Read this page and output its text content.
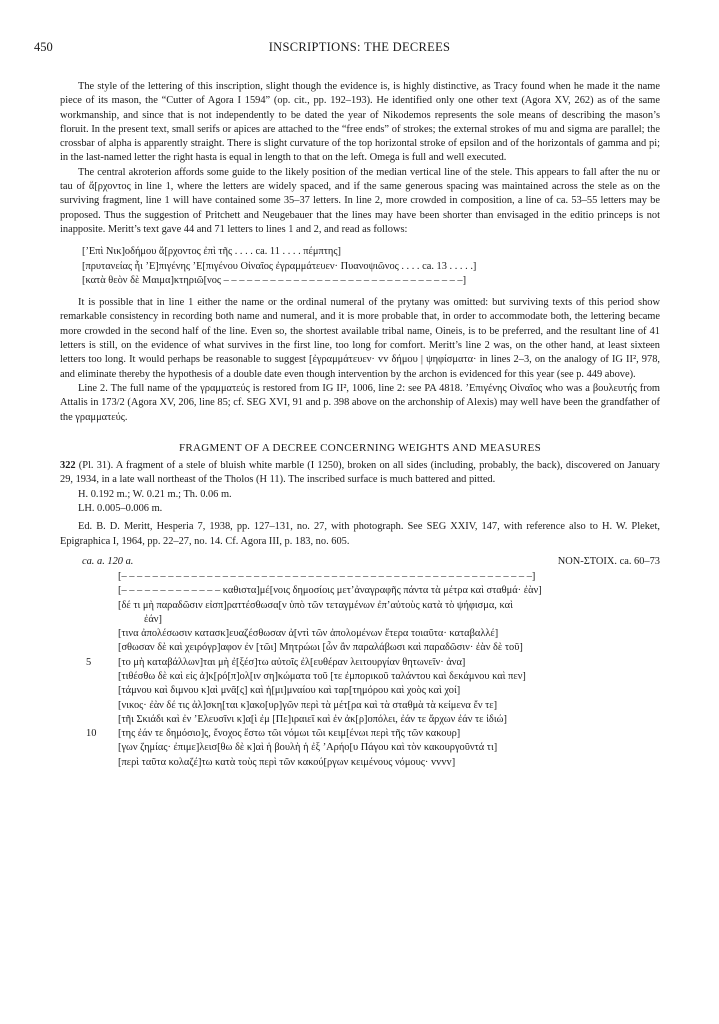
450	INSCRIPTIONS: THE DECREES

The style of the lettering of this inscription, slight though the evidence is, is highly distinctive, as Tracy found when he made it the name piece of its mason, the “Cutter of Agora I 1594” (op. cit., pp. 192–193). He identified only one other text (Agora XV, 262) as of the same workmanship, and since that is not independently to be dated the year of Nikodemos represents the sole means of describing the mason’s floruit. In the present text, small serifs or apices are attached to the “free ends” of strokes; the external strokes of mu and sigma are parallel; the crossbar of alpha is apparently straight. There is slight curvature of the top horizontal stroke of epsilon and of the horizontals of gamma and pi; in the last-named letter the right hasta is equal in length to that on the left. Omega is full and well executed.

The central akroterion affords some guide to the likely position of the median vertical line of the stele. This appears to fall after the nu or tau of ἄ[ρχοντος in line 1, where the letters are widely spaced, and if the same generous spacing was maintained across the stele as on the surviving fragment, line 1 will have contained some 35–37 letters. In line 2, more crowded in composition, a line of ca. 53–55 letters may be proposed. Thus the suggestion of Pritchett and Neugebauer that the lines may have been shorter than envisaged in the editio princeps is not inapposite. Meritt’s text gave 44 and 71 letters to lines 1 and 2, and read as follows:

[’Επὶ Νικ]οδήμου ἄ[ρχοντος ἐπὶ τῆς . . . . ca. 11 . . . . πέμπτης]
[πρυτανείας ἧι ’Ε]πιγένης ’Ε[πιγένου Οἰναῖος ἐγραμμάτευεν· Πυανοψιῶνος . . . . ca. 13 . . . . .]
[κατὰ θεὸν δὲ Μαιμα]κτηριῶ[νος – – – – – – – – – – – – – – – – – – – – – – – – – – – – – – –]

It is possible that in line 1 either the name or the ordinal numeral of the prytany was omitted: but surviving texts of this period show remarkable consistency in recording both name and numeral, and it is more probable that, in order to accommodate both, the lettering became more crowded in the second half of the line. Even so, the shortest available tribal name, Oineis, is to be preferred, and the resultant line of 41 letters is still, on the evidence of what survives in the first line, too long for comfort. Meritt’s line 2 was, on the other hand, at least sixteen letters too long. It would perhaps be reasonable to suggest [ἐγραμμάτευεν· vv δήμου | ψηφίσματα· in lines 2–3, on the analogy of IG II², 978, and eliminate thereby the hypothesis of a double date even though intervention by the archon is evidenced for this year (see p. 449 above).

Line 2. The full name of the γραμματεύς is restored from IG II², 1006, line 2: see PA 4818. ’Επιγένης Οἰναῖος who was a βουλευτής from Attalis in 173/2 (Agora XV, 206, line 85; cf. SEG XVI, 91 and p. 398 above on the archonship of Alexis) may well have been the grandfather of the γραμματεύς.

FRAGMENT OF A DECREE CONCERNING WEIGHTS AND MEASURES

322 (Pl. 31). A fragment of a stele of bluish white marble (I 1250), broken on all sides (including, probably, the back), discovered on January 29, 1934, in a late wall northeast of the Tholos (H 11). The inscribed surface is much battered and pitted.

H. 0.192 m.; W. 0.21 m.; Th. 0.06 m.
LH. 0.005–0.006 m.

Ed. B. D. Meritt, Hesperia 7, 1938, pp. 127–131, no. 27, with photograph. See SEG XXIV, 147, with reference also to H. W. Pleket, Epigraphica I, 1964, pp. 22–27, no. 14. Cf. Agora III, p. 183, no. 605.

ca. a. 120 a.	NON-ΣΤΟΙΧ. ca. 60–73
[– – – – – – – – – – – – – – – – – – – – – – – – – – – – – – – – – – – – – – – – – – – – – – – – – – – – –]
[– – – – – – – – – – – – – καθιστα]μέ[νοις δημοσίοις μετ’ἀναγραφῆς πάντα τὰ μέτρα καὶ σταθμά· ἐὰν]
[δέ τι μὴ παραδῶσιν εἰσπ]ραττέσθωσα[ν ὑπὸ τῶν τεταγμένων ἐπ’αὐτοὺς κατὰ τὸ ψήφισμα, καὶ
ἐάν]
[τινα ἀπολέσωσιν κατασκ]ευαζέσθωσαν ἀ[ντὶ τῶν ἀπολομένων ἕτερα τοιαῦτα· καταβαλλέ]
[σθωσαν δὲ καὶ χειρόγρ]αφον ἐν [τῶι] Μητρώωι [ὧν ἂν παραλάβωσι καὶ παραδῶσιν· ἐὰν δὲ τοῦ]
5	[το μὴ καταβάλλων]ται μὴ ἐ[ξέσ]τω αὐτοῖς ἐλ[ευθέραν λειτουργίαν θητωνεῖν· ἀνα]
[τιθέσθω δὲ καὶ εἰς ἀ]κ[ρό[π]ολ[ιν ση]κώματα τοῦ [τε ἐμπορικοῦ ταλάντου καὶ δεκάμνου καὶ πεν]
[τάμνου καὶ διμνου κ]αὶ μνᾶ[ς] καὶ ἡ[μι]μναίου καὶ ταρ[τημόρου καὶ χοὸς καὶ χοί]
[νικος· ἐὰν δέ τις ἀλ]σκη[ται κ]ακο[υρ]γῶν περὶ τὰ μέτ[ρα καὶ τὰ σταθμὰ τὰ κείμενα ἔν τε]
[τῆι Σκιάδι καὶ ἐν ’Ελευσῖνι κ]α[ὶ ἐμ [Πε]ιραιεῖ καὶ ἐν ἀκ[ρ]οπόλει, ἐάν τε ἄρχων ἐάν τε ἰδιώ]
10 [της ἐάν τε δημόσιο]ς, ἔνοχος ἔστω τῶι νόμωι τῶι κειμ[ένωι περὶ τῆς τῶν κακουρ]
[γων ζημίας· ἐπιμε]λεισ[θω δὲ κ]αὶ ἡ βουλὴ ἡ ἐξ ’Αρήο[υ Πάγου καὶ τὸν κακουργοῦντά τι]
[περὶ ταῦτα κολαζέ]τω κατὰ τοὺς περὶ τῶν κακού[ργων κειμένους νόμους· vvvv]
